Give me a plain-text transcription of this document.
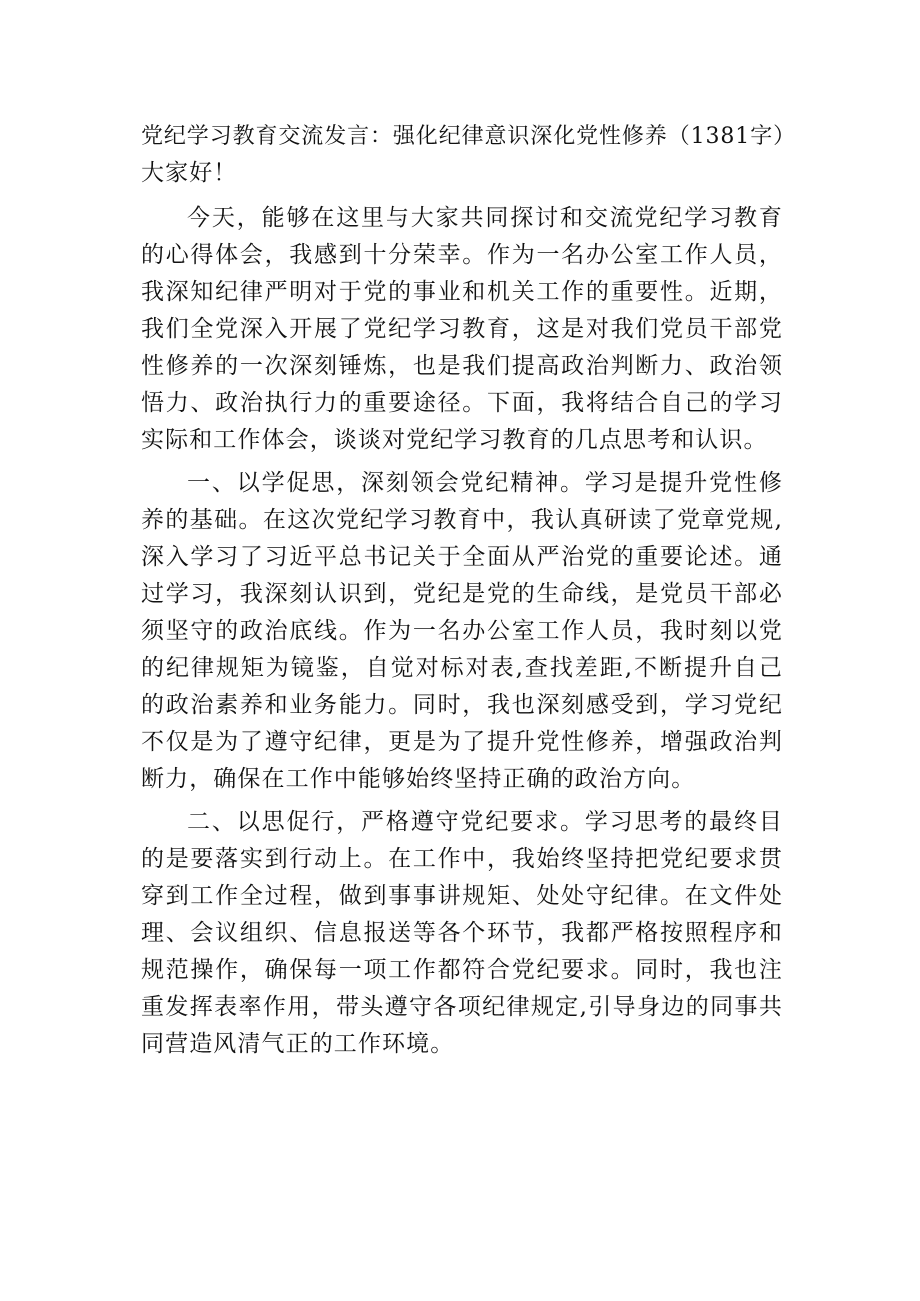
党纪学习教育交流发言：强化纪律意识深化党性修养（1381字）

大家好！

今天，能够在这里与大家共同探讨和交流党纪学习教育的心得体会，我感到十分荣幸。作为一名办公室工作人员，我深知纪律严明对于党的事业和机关工作的重要性。近期，我们全党深入开展了党纪学习教育，这是对我们党员干部党性修养的一次深刻锤炼，也是我们提高政治判断力、政治领悟力、政治执行力的重要途径。下面，我将结合自己的学习实际和工作体会，谈谈对党纪学习教育的几点思考和认识。

一、以学促思，深刻领会党纪精神。学习是提升党性修养的基础。在这次党纪学习教育中，我认真研读了党章党规,深入学习了习近平总书记关于全面从严治党的重要论述。通过学习，我深刻认识到，党纪是党的生命线，是党员干部必须坚守的政治底线。作为一名办公室工作人员，我时刻以党的纪律规矩为镜鉴，自觉对标对表,查找差距,不断提升自己的政治素养和业务能力。同时，我也深刻感受到，学习党纪不仅是为了遵守纪律，更是为了提升党性修养，增强政治判断力，确保在工作中能够始终坚持正确的政治方向。

二、以思促行，严格遵守党纪要求。学习思考的最终目的是要落实到行动上。在工作中，我始终坚持把党纪要求贯穿到工作全过程，做到事事讲规矩、处处守纪律。在文件处理、会议组织、信息报送等各个环节，我都严格按照程序和规范操作，确保每一项工作都符合党纪要求。同时，我也注重发挥表率作用，带头遵守各项纪律规定,引导身边的同事共同营造风清气正的工作环境。
